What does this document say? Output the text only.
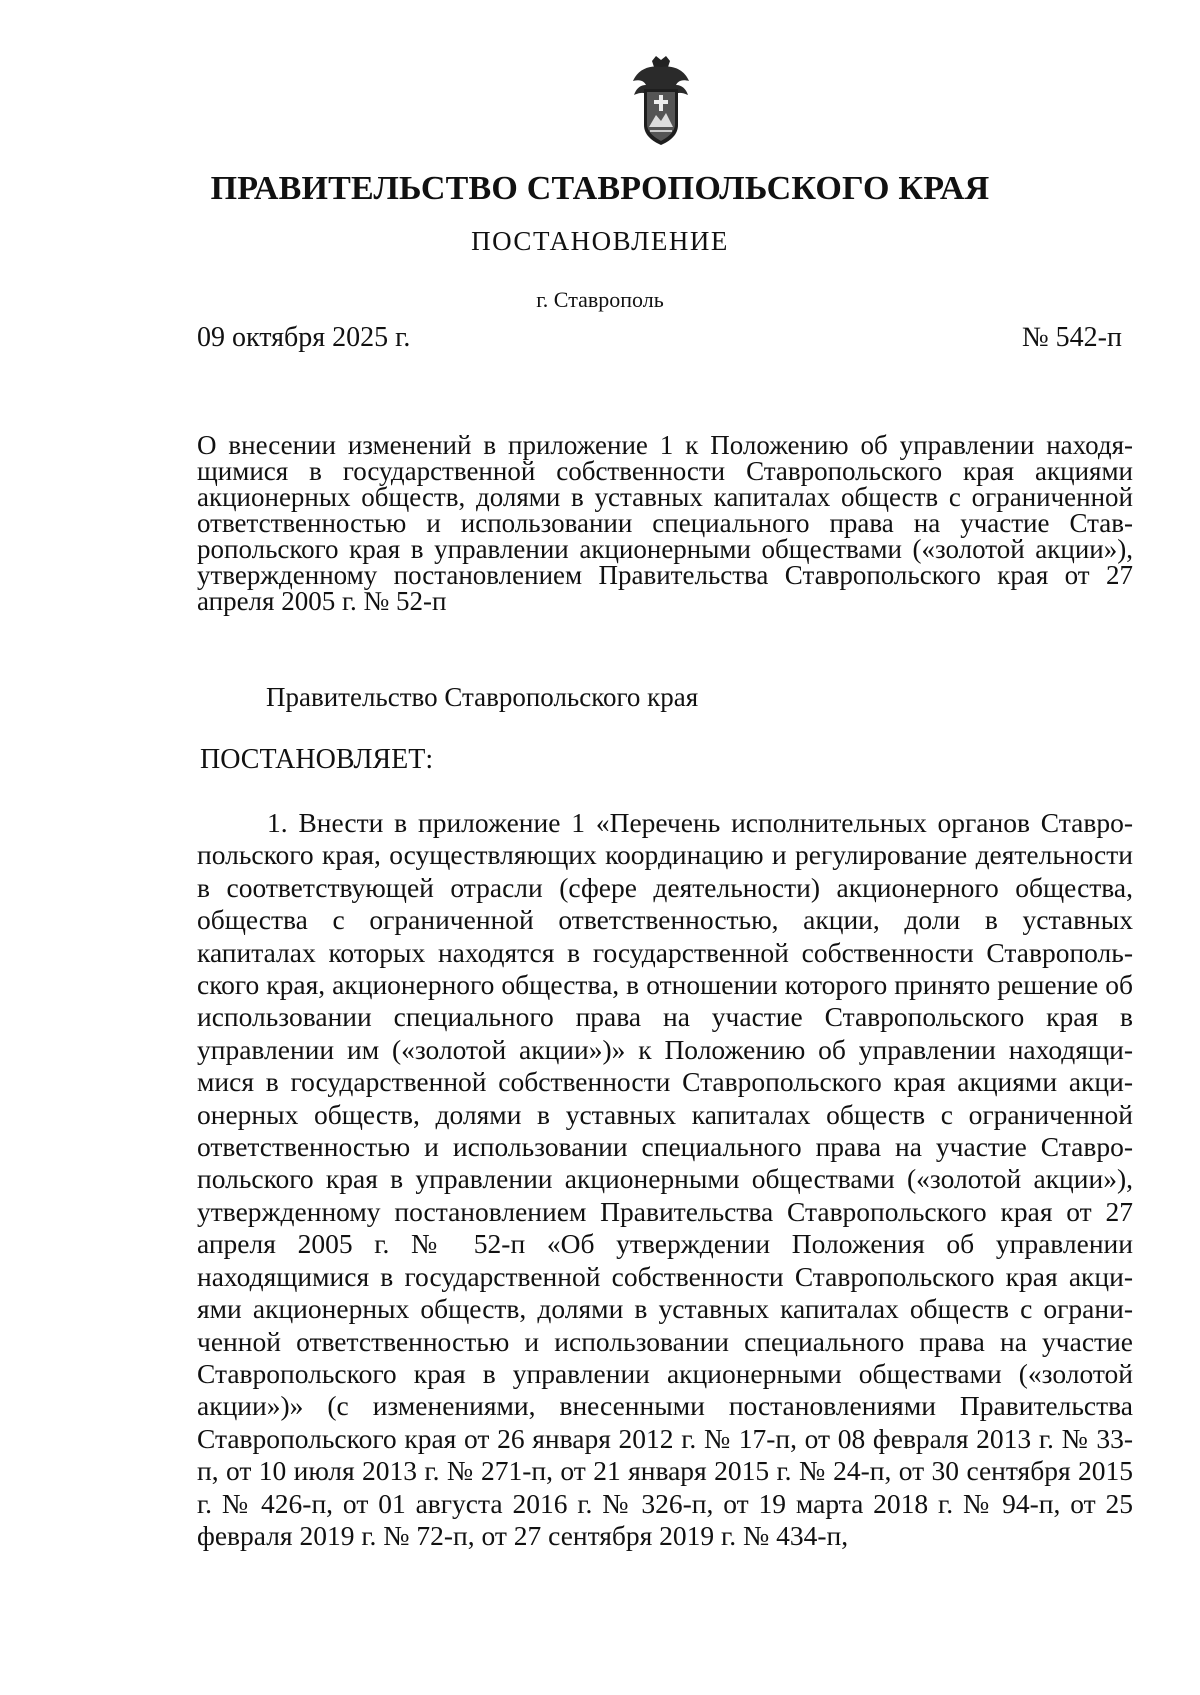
ПРАВИТЕЛЬСТВО СТАВРОПОЛЬСКОГО КРАЯ
ПОСТАНОВЛЕНИЕ
г. Ставрополь
09 октября 2025 г.	№ 542-п

О внесении изменений в приложение 1 к Положению об управлении находящимися в государственной собственности Ставропольского края акциями акционерных обществ, долями в уставных капиталах обществ с ограниченной ответственностью и использовании специального права на участие Ставропольского края в управлении акционерными обществами («золотой акции»), утвержденному постановлением Правительства Ставропольского края от 27 апреля 2005 г. № 52-п

Правительство Ставропольского края
ПОСТАНОВЛЯЕТ:

1. Внести в приложение 1 «Перечень исполнительных органов Ставропольского края, осуществляющих координацию и регулирование деятельности в соответствующей отрасли (сфере деятельности) акционерного общества, общества с ограниченной ответственностью, акции, доли в уставных капиталах которых находятся в государственной собственности Ставропольского края, акционерного общества, в отношении которого принято решение об использовании специального права на участие Ставропольского края в управлении им («золотой акции»)» к Положению об управлении находящимися в государственной собственности Ставропольского края акциями акционерных обществ, долями в уставных капиталах обществ с ограниченной ответственностью и использовании специального права на участие Ставропольского края в управлении акционерными обществами («золотой акции»), утвержденному постановлением Правительства Ставропольского края от 27 апреля 2005 г. № 52-п «Об утверждении Положения об управлении находящимися в государственной собственности Ставропольского края акциями акционерных обществ, долями в уставных капиталах обществ с ограниченной ответственностью и использовании специального права на участие Ставропольского края в управлении акционерными обществами («золотой акции»)» (с изменениями, внесенными постановлениями Правительства Ставропольского края от 26 января 2012 г. № 17-п, от 08 февраля 2013 г. № 33-п, от 10 июля 2013 г. № 271-п, от 21 января 2015 г. № 24-п, от 30 сентября 2015 г. № 426-п, от 01 августа 2016 г. № 326-п, от 19 марта 2018 г. № 94-п, от 25 февраля 2019 г. № 72-п, от 27 сентября 2019 г. № 434-п,
